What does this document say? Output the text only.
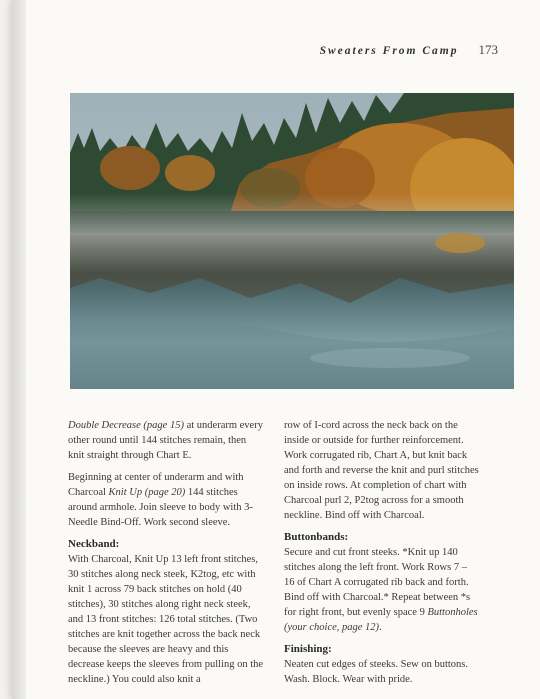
Sweaters From Camp 173

Double Decrease (page 15) at underarm every other round until 144 stitches remain, then knit straight through Chart E.

Beginning at center of underarm and with Charcoal Knit Up (page 20) 144 stitches around armhole. Join sleeve to body with 3-Needle Bind-Off. Work second sleeve.

Neckband:

With Charcoal, Knit Up 13 left front stitches, 30 stitches along neck steek, K2tog, etc with knit 1 across 79 back stitches on hold (40 stitches), 30 stitches along right neck steek, and 13 front stitches: 126 total stitches. (Two stitches are knit together across the back neck because the sleeves are heavy and this decrease keeps the sleeves from pulling on the neckline.) You could also knit a

row of I-cord across the neck back on the inside or outside for further reinforcement. Work corrugated rib, Chart A, but knit back and forth and reverse the knit and purl stitches on inside rows. At completion of chart with Charcoal purl 2, P2tog across for a smooth neckline. Bind off with Charcoal.

Buttonbands:

Secure and cut front steeks. *Knit up 140 stitches along the left front. Work Rows 7 – 16 of Chart A corrugated rib back and forth. Bind off with Charcoal.* Repeat between *s for right front, but evenly space 9 Buttonholes (your choice, page 12).

Finishing:

Neaten cut edges of steeks. Sew on buttons. Wash. Block. Wear with pride.
